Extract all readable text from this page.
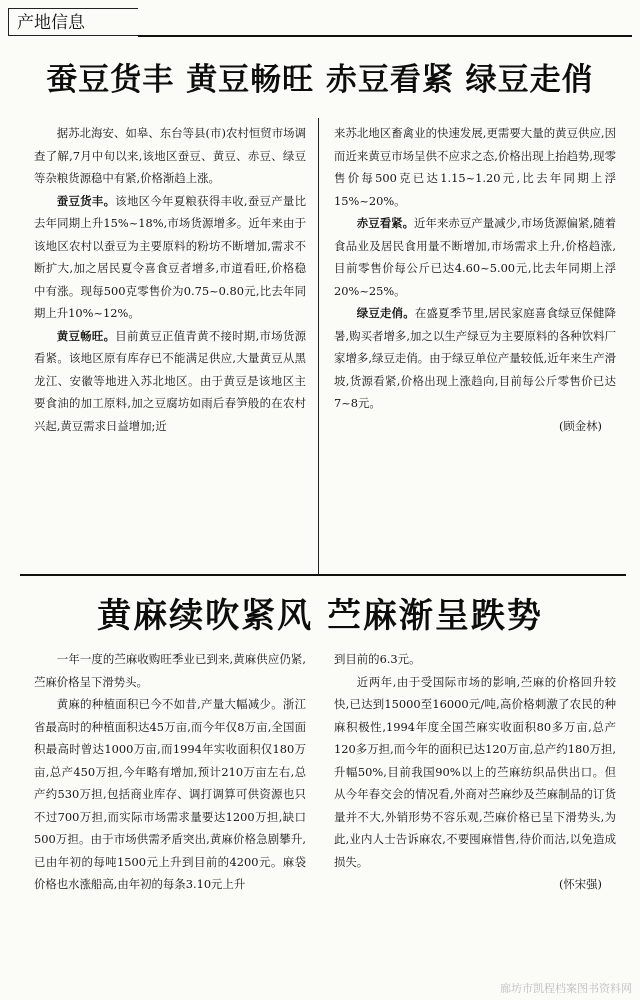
产地信息
蚕豆货丰 黄豆畅旺 赤豆看紧 绿豆走俏

据苏北海安、如皋、东台等县(市)农村恒贸市场调查了解,7月中旬以来,该地区蚕豆、黄豆、赤豆、绿豆等杂粮货源稳中有紧,价格渐趋上涨。

蚕豆货丰。该地区今年夏粮获得丰收,蚕豆产量比去年同期上升15%~18%,市场货源增多。近年来由于该地区农村以蚕豆为主要原料的粉坊不断增加,需求不断扩大,加之居民夏令喜食豆者增多,市道看旺,价格稳中有涨。现每500克零售价为0.75~0.80元,比去年同期上升10%~12%。

黄豆畅旺。目前黄豆正值青黄不接时期,市场货源看紧。该地区原有库存已不能满足供应,大量黄豆从黑龙江、安徽等地进入苏北地区。由于黄豆是该地区主要食油的加工原料,加之豆腐坊如雨后春笋般的在农村兴起,黄豆需求日益增加;近

来苏北地区畜禽业的快速发展,更需要大量的黄豆供应,因而近来黄豆市场呈供不应求之态,价格出现上抬趋势,现零售价每500克已达1.15~1.20元,比去年同期上浮15%~20%。

赤豆看紧。近年来赤豆产量减少,市场货源偏紧,随着食品业及居民食用量不断增加,市场需求上升,价格趋涨,目前零售价每公斤已达4.60~5.00元,比去年同期上浮20%~25%。

绿豆走俏。在盛夏季节里,居民家庭喜食绿豆保健降暑,购买者增多,加之以生产绿豆为主要原料的各种饮料厂家增多,绿豆走俏。由于绿豆单位产量较低,近年来生产滑坡,货源看紧,价格出现上涨趋向,目前每公斤零售价已达7~8元。

(顾金林)

黄麻续吹紧风 苎麻渐呈跌势

一年一度的苎麻收购旺季业已到来,黄麻供应仍紧,苎麻价格呈下滑势头。

黄麻的种植面积已今不如昔,产量大幅减少。浙江省最高时的种植面积达45万亩,而今年仅8万亩,全国面积最高时曾达1000万亩,而1994年实收面积仅180万亩,总产450万担,今年略有增加,预计210万亩左右,总产约530万担,包括商业库存、调打调算可供资源也只不过700万担,而实际市场需求量要达1200万担,缺口500万担。由于市场供需矛盾突出,黄麻价格急剧攀升,已由年初的每吨1500元上升到目前的4200元。麻袋价格也水涨船高,由年初的每条3.10元上升

到目前的6.3元。

近两年,由于受国际市场的影响,苎麻的价格回升较快,已达到15000至16000元/吨,高价格刺激了农民的种麻积极性,1994年度全国苎麻实收面积80多万亩,总产120多万担,而今年的面积已达120万亩,总产约180万担,升幅50%,目前我国90%以上的苎麻纺织品供出口。但从今年春交会的情况看,外商对苎麻纱及苎麻制品的订货量并不大,外销形势不容乐观,苎麻价格已呈下滑势头,为此,业内人士告诉麻农,不要囤麻惜售,待价而沽,以免造成损失。

(怀宋强)

廊坊市凯程档案图书资料网
